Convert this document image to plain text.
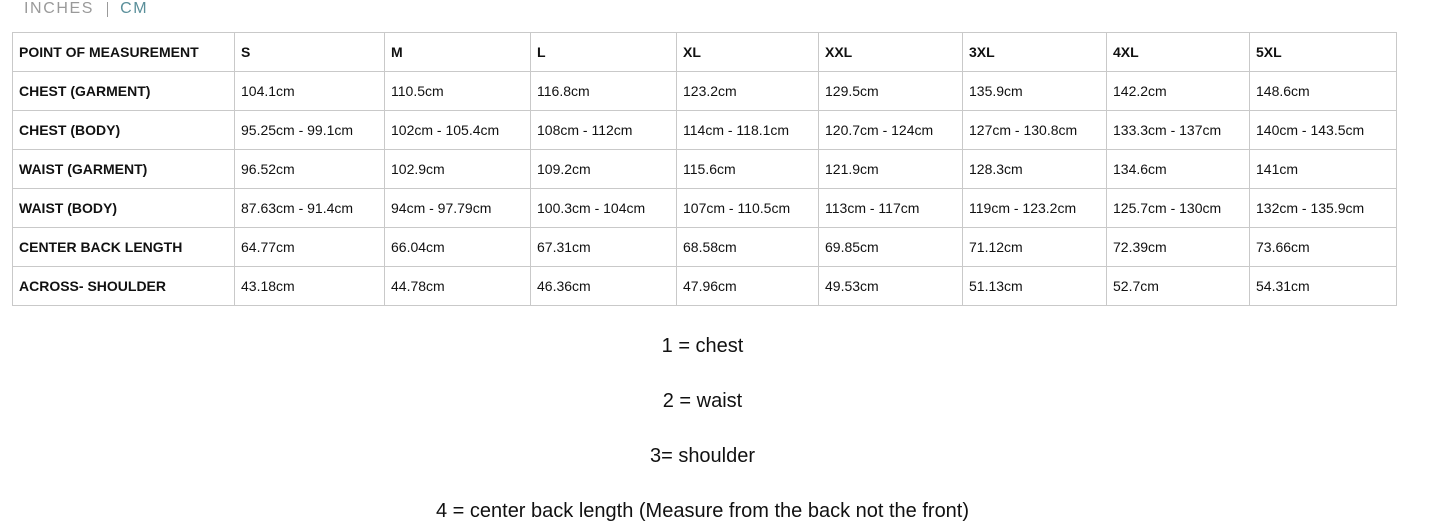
INCHES CM
POINT OF MEASUREMENT	S	M	L	XL	XXL	3XL	4XL	5XL
CHEST (GARMENT)	104.1cm	110.5cm	116.8cm	123.2cm	129.5cm	135.9cm	142.2cm	148.6cm
CHEST (BODY)	95.25cm - 99.1cm	102cm - 105.4cm	108cm - 112cm	114cm - 118.1cm	120.7cm - 124cm	127cm - 130.8cm	133.3cm - 137cm	140cm - 143.5cm
WAIST (GARMENT)	96.52cm	102.9cm	109.2cm	115.6cm	121.9cm	128.3cm	134.6cm	141cm
WAIST (BODY)	87.63cm - 91.4cm	94cm - 97.79cm	100.3cm - 104cm	107cm - 110.5cm	113cm - 117cm	119cm - 123.2cm	125.7cm - 130cm	132cm - 135.9cm
CENTER BACK LENGTH	64.77cm	66.04cm	67.31cm	68.58cm	69.85cm	71.12cm	72.39cm	73.66cm
ACROSS- SHOULDER	43.18cm	44.78cm	46.36cm	47.96cm	49.53cm	51.13cm	52.7cm	54.31cm
1 = chest
2 = waist
3= shoulder
4 = center back length (Measure from the back not the front)
